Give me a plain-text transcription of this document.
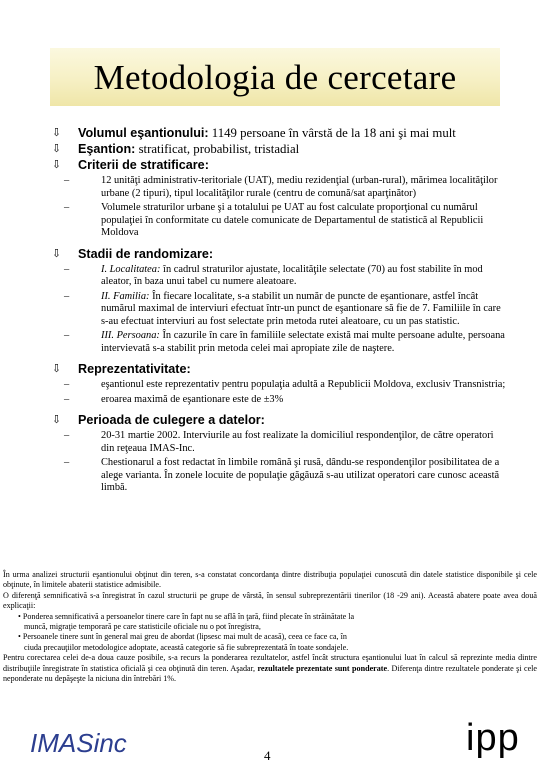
Metodologia de cercetare
⇩ Volumul eşantionului: 1149 persoane în vârstă de la 18 ani şi mai mult
⇩ Eşantion: stratificat, probabilist, tristadial
⇩ Criterii de stratificare:
–	12 unităţi administrativ-teritoriale (UAT), mediu rezidenţial (urban-rural), mărimea localităţilor urbane (2 tipuri), tipul localităţilor rurale (centru de comună/sat aparţinător)
–	Volumele straturilor urbane şi a totalului pe UAT au fost calculate proporţional cu numărul populaţiei în conformitate cu datele comunicate de Departamentul de statistică al Republicii Moldova
⇩ Stadii de randomizare:
–	I. Localitatea: în cadrul straturilor ajustate, localităţile selectate (70) au fost stabilite în mod aleator, în baza unui tabel cu numere aleatoare.
–	II. Familia: În fiecare localitate, s-a stabilit un număr de puncte de eşantionare, astfel încât numărul maximal de interviuri efectuat într-un punct de eşantionare să fie de 7. Familiile în care s-au efectuat interviuri au fost selectate prin metoda rutei aleatoare, cu un pas statistic.
–	III. Persoana: În cazurile în care în familiile selectate există mai multe persoane adulte, persoana intervievată s-a stabilit prin metoda celei mai apropiate zile de naştere.
⇩ Reprezentativitate:
–	eşantionul este reprezentativ pentru populaţia adultă a Republicii Moldova, exclusiv Transnistria;
–	eroarea maximă de eşantionare este de ±3%
⇩ Perioada de culegere a datelor:
–	20-31 martie 2002. Interviurile au fost realizate la domiciliul respondenţilor, de către operatori din reţeaua IMAS-Inc.
–	Chestionarul a fost redactat în limbile română şi rusă, dându-se respondenţilor posibilitatea de a alege varianta. În zonele locuite de populaţie găgăuză s-au utilizat operatori care cunosc această limbă.
În urma analizei structurii eşantionului obţinut din teren, s-a constatat concordanţa dintre distribuţia populaţiei cunoscută din datele statistice disponibile şi cele obţinute, în limitele abaterii statistice admisibile.
O diferenţă semnificativă s-a înregistrat în cazul structurii pe grupe de vârstă, în sensul subreprezentării tinerilor (18 -29 ani). Această abatere poate avea două explicaţii:
• Ponderea semnificativă a persoanelor tinere care în fapt nu se află în ţară, fiind plecate în străinătate la
muncă, migraţie temporară pe care statisticile oficiale nu o pot înregistra,
• Persoanele tinere sunt în general mai greu de abordat (lipsesc mai mult de acasă), ceea ce face ca, în
ciuda precauţiilor metodologice adoptate, această categorie să fie subreprezentată în toate sondajele.
Pentru corectarea celei de-a doua cauze posibile, s-a recurs la ponderarea rezultatelor, astfel încât structura eşantionului luat în calcul să reprezinte media dintre distribuţiile înregistrate în statistica oficială şi cea obţinută din teren. Aşadar, rezultatele prezentate sunt ponderate. Diferenţa dintre rezultatele ponderate şi cele neponderate nu depăşeşte la niciuna din întrebări 1%.
IMASinc	4	ipp
